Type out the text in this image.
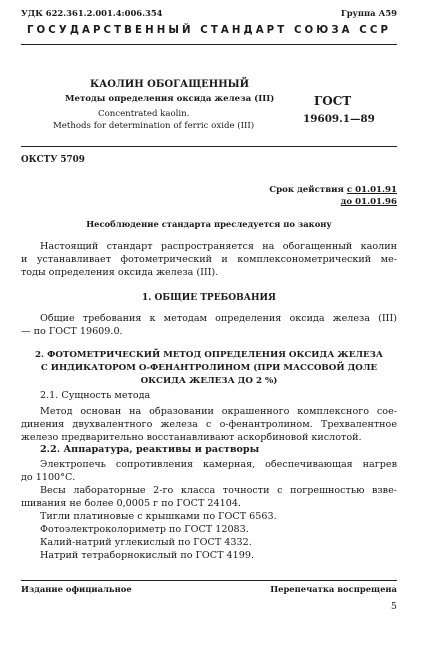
УДК 622.361.2.001.4:006.354	Группа А59
ГОСУДАРСТВЕННЫЙ СТАНДАРТ СОЮЗА ССР
КАОЛИН ОБОГАЩЕННЫЙ
Методы определения оксида железа (III)
Concentrated kaolin.
Methods for determination of ferric oxide (III)
ГОСТ
19609.1—89
ОКСТУ 5709
Срок действия с 01.01.91
до 01.01.96
Несоблюдение стандарта преследуется по закону
Настоящий стандарт распространяется на обогащенный каолин
и устанавливает фотометрический и комплексонометрический ме-
тоды определения оксида железа (III).
1. ОБЩИЕ ТРЕБОВАНИЯ
Общие требования к методам определения оксида железа (III)
— по ГОСТ 19609.0.
2. ФОТОМЕТРИЧЕСКИЙ МЕТОД ОПРЕДЕЛЕНИЯ ОКСИДА ЖЕЛЕЗА
С ИНДИКАТОРОМ О-ФЕНАНТРОЛИНОМ (ПРИ МАССОВОЙ ДОЛЕ
ОКСИДА ЖЕЛЕЗА ДО 2 %)
2.1. Сущность метода
Метод основан на образовании окрашенного комплексного сое-
динения двухвалентного железа с о-фенантролином. Трехвалентное
железо предварительно восстанавливают аскорбиновой кислотой.
2.2. Аппаратура, реактивы и растворы
Электропечь сопротивления камерная, обеспечивающая нагрев
до 1100°С.
Весы лабораторные 2-го класса точности с погрешностью взве-
шивания не более 0,0005 г по ГОСТ 24104.
Тигли платиновые с крышками по ГОСТ 6563.
Фотоэлектроколориметр по ГОСТ 12083.
Калий-натрий углекислый по ГОСТ 4332.
Натрий тетраборнокислый по ГОСТ 4199.
Издание официальное	Перепечатка воспрещена
5
